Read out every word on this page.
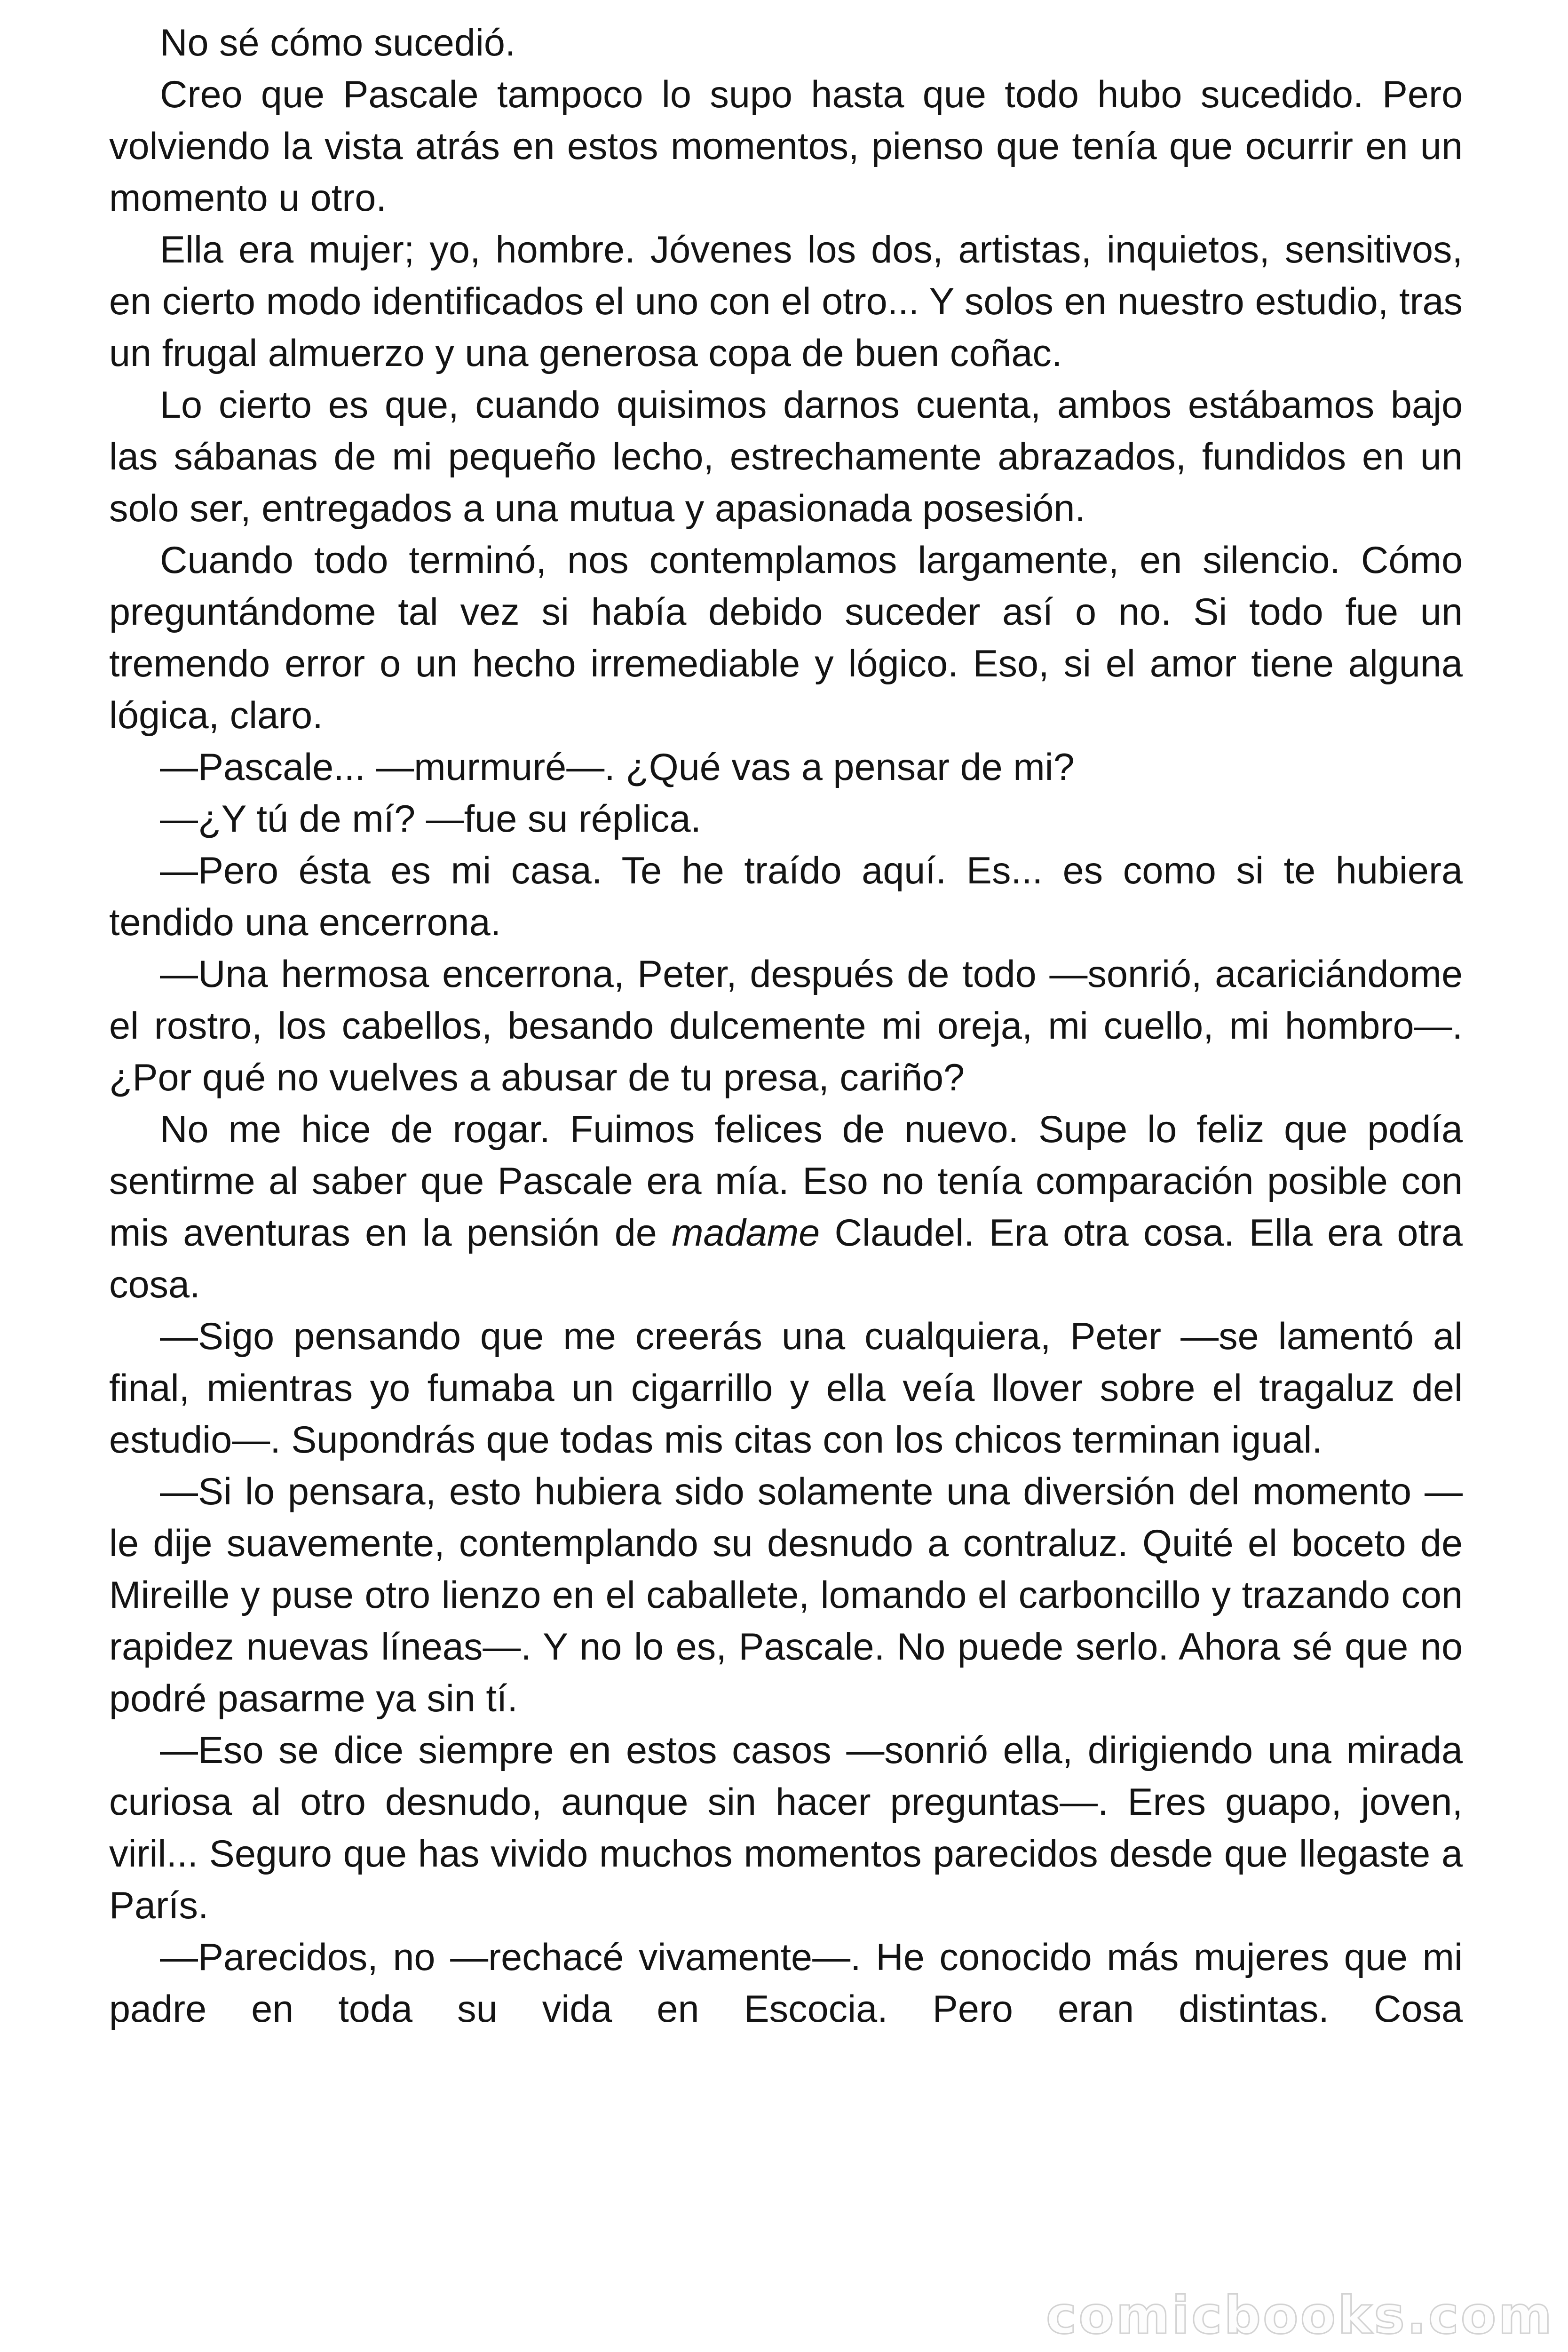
No sé cómo sucedió.

Creo que Pascale tampoco lo supo hasta que todo hubo sucedido. Pero volviendo la vista atrás en estos momentos, pienso que tenía que ocurrir en un momento u otro.

Ella era mujer; yo, hombre. Jóvenes los dos, artistas, inquietos, sensitivos, en cierto modo identificados el uno con el otro... Y solos en nuestro estudio, tras un frugal almuerzo y una generosa copa de buen coñac.

Lo cierto es que, cuando quisimos darnos cuenta, ambos estábamos bajo las sábanas de mi pequeño lecho, estrechamente abrazados, fundidos en un solo ser, entregados a una mutua y apasionada posesión.

Cuando todo terminó, nos contemplamos largamente, en silencio. Cómo preguntándome tal vez si había debido suceder así o no. Si todo fue un tremendo error o un hecho irremediable y lógico. Eso, si el amor tiene alguna lógica, claro.

—Pascale... —murmuré—. ¿Qué vas a pensar de mi?

—¿Y tú de mí? —fue su réplica.

—Pero ésta es mi casa. Te he traído aquí. Es... es como si te hubiera tendido una encerrona.

—Una hermosa encerrona, Peter, después de todo —sonrió, acariciándome el rostro, los cabellos, besando dulcemente mi oreja, mi cuello, mi hombro—. ¿Por qué no vuelves a abusar de tu presa, cariño?

No me hice de rogar. Fuimos felices de nuevo. Supe lo feliz que podía sentirme al saber que Pascale era mía. Eso no tenía comparación posible con mis aventuras en la pensión de madame Claudel. Era otra cosa. Ella era otra cosa.

—Sigo pensando que me creerás una cualquiera, Peter —se lamentó al final, mientras yo fumaba un cigarrillo y ella veía llover sobre el tragaluz del estudio—. Supondrás que todas mis citas con los chicos terminan igual.

—Si lo pensara, esto hubiera sido solamente una diversión del momento —le dije suavemente, contemplando su desnudo a contraluz. Quité el boceto de Mireille y puse otro lienzo en el caballete, lomando el carboncillo y trazando con rapidez nuevas líneas—. Y no lo es, Pascale. No puede serlo. Ahora sé que no podré pasarme ya sin tí.

—Eso se dice siempre en estos casos —sonrió ella, dirigiendo una mirada curiosa al otro desnudo, aunque sin hacer preguntas—. Eres guapo, joven, viril... Seguro que has vivido muchos momentos parecidos desde que llegaste a París.

—Parecidos, no —rechacé vivamente—. He conocido más mujeres que mi padre en toda su vida en Escocia. Pero eran distintas. Cosa

comicbooks.com
